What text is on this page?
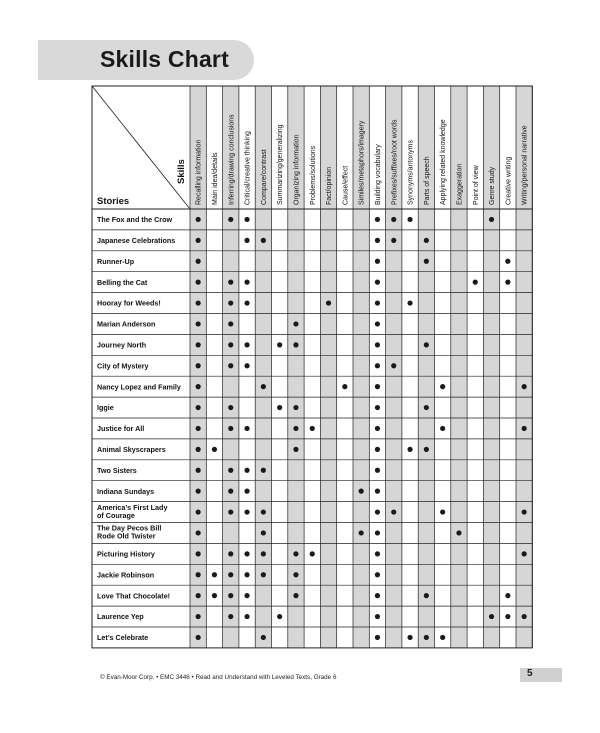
Skills Chart
Skills
Stories	Recalling information Main idea/details Inferring/drawing conclusions Critical/creative thinking Compare/contrast Summarizing/generalizing Organizing information Problems/solutions Fact/opinion Cause/effect Similes/metaphors/imagery Building vocabulary Prefixes/suffixes/root words Synonyms/antonyms Parts of speech Applying related knowledge Exaggeration Point of view Genre study Creative writing Writing/personal narrative
The Fox and the Crow
Japanese Celebrations
Runner-Up
Belling the Cat
Hooray for Weeds!
Marian Anderson
Journey North
City of Mystery
Nancy Lopez and Family
Iggie
Justice for All
Animal Skyscrapers
Two Sisters
Indiana Sundays
America’s First Lady of Courage
The Day Pecos Bill Rode Old Twister
Picturing History
Jackie Robinson
Love That Chocolate!
Laurence Yep
Let’s Celebrate
© Evan-Moor Corp. • EMC 3446 • Read and Understand with Leveled Texts, Grade 6	5
